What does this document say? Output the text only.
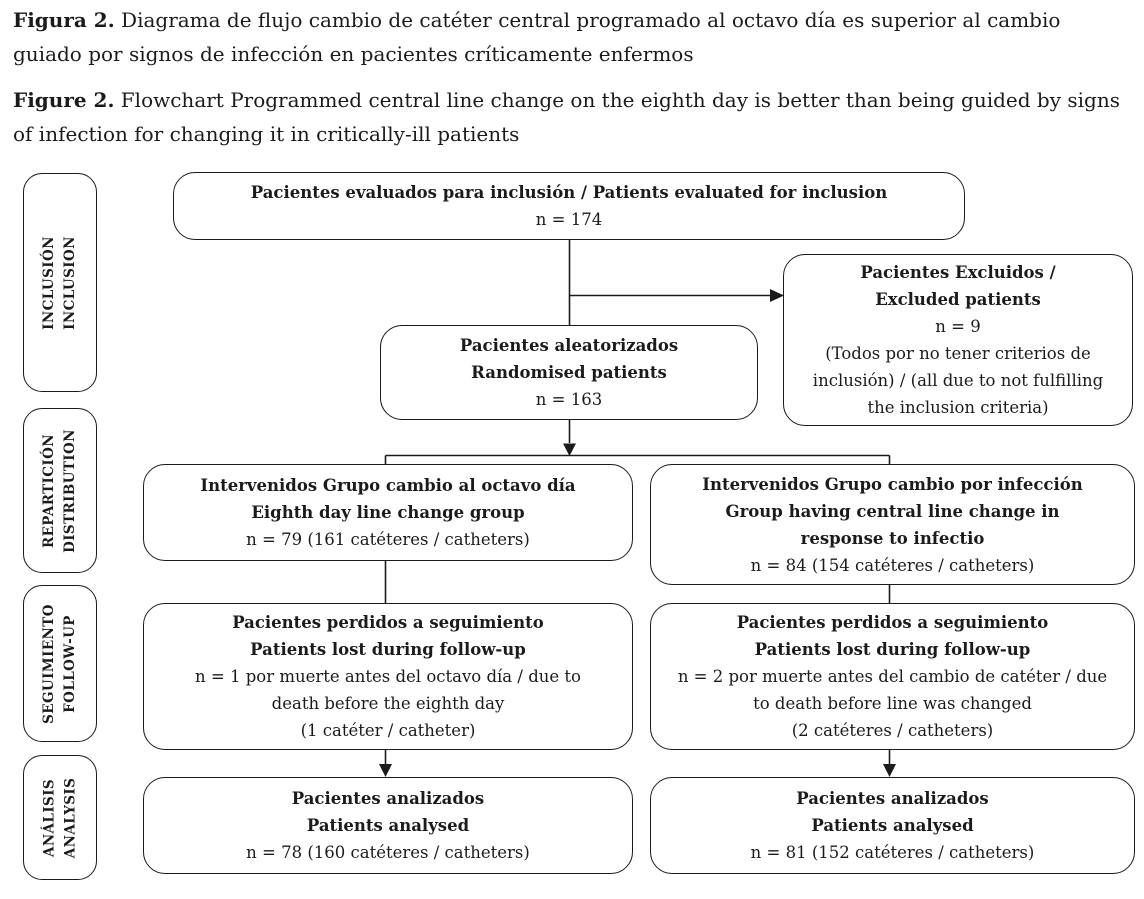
Figura 2. Diagrama de flujo cambio de catéter central programado al octavo día es superior al cambio guiado por signos de infección en pacientes críticamente enfermos

Figure 2. Flowchart Programmed central line change on the eighth day is better than being guided by signs of infection for changing it in critically-ill patients

INCLUSIÓN INCLUSION
REPARTICIÓN DISTRIBUTION
SEGUIMIENTO FOLLOW-UP
ANÁLISIS ANALYSIS
Pacientes evaluados para inclusión / Patients evaluated for inclusion
n = 174
Pacientes Excluidos /
Excluded patients
n = 9
(Todos por no tener criterios de inclusión) / (all due to not fulfilling the inclusion criteria)
Pacientes aleatorizados
Randomised patients
n = 163
Intervenidos Grupo cambio al octavo día
Eighth day line change group
n = 79 (161 catéteres / catheters)
Intervenidos Grupo cambio por infección
Group having central line change in response to infectio
n = 84 (154 catéteres / catheters)
Pacientes perdidos a seguimiento
Patients lost during follow-up
n = 1 por muerte antes del octavo día / due to death before the eighth day
(1 catéter / catheter)
Pacientes perdidos a seguimiento
Patients lost during follow-up
n = 2 por muerte antes del cambio de catéter / due to death before line was changed
(2 catéteres / catheters)
Pacientes analizados
Patients analysed
n = 78 (160 catéteres / catheters)
Pacientes analizados
Patients analysed
n = 81 (152 catéteres / catheters)
